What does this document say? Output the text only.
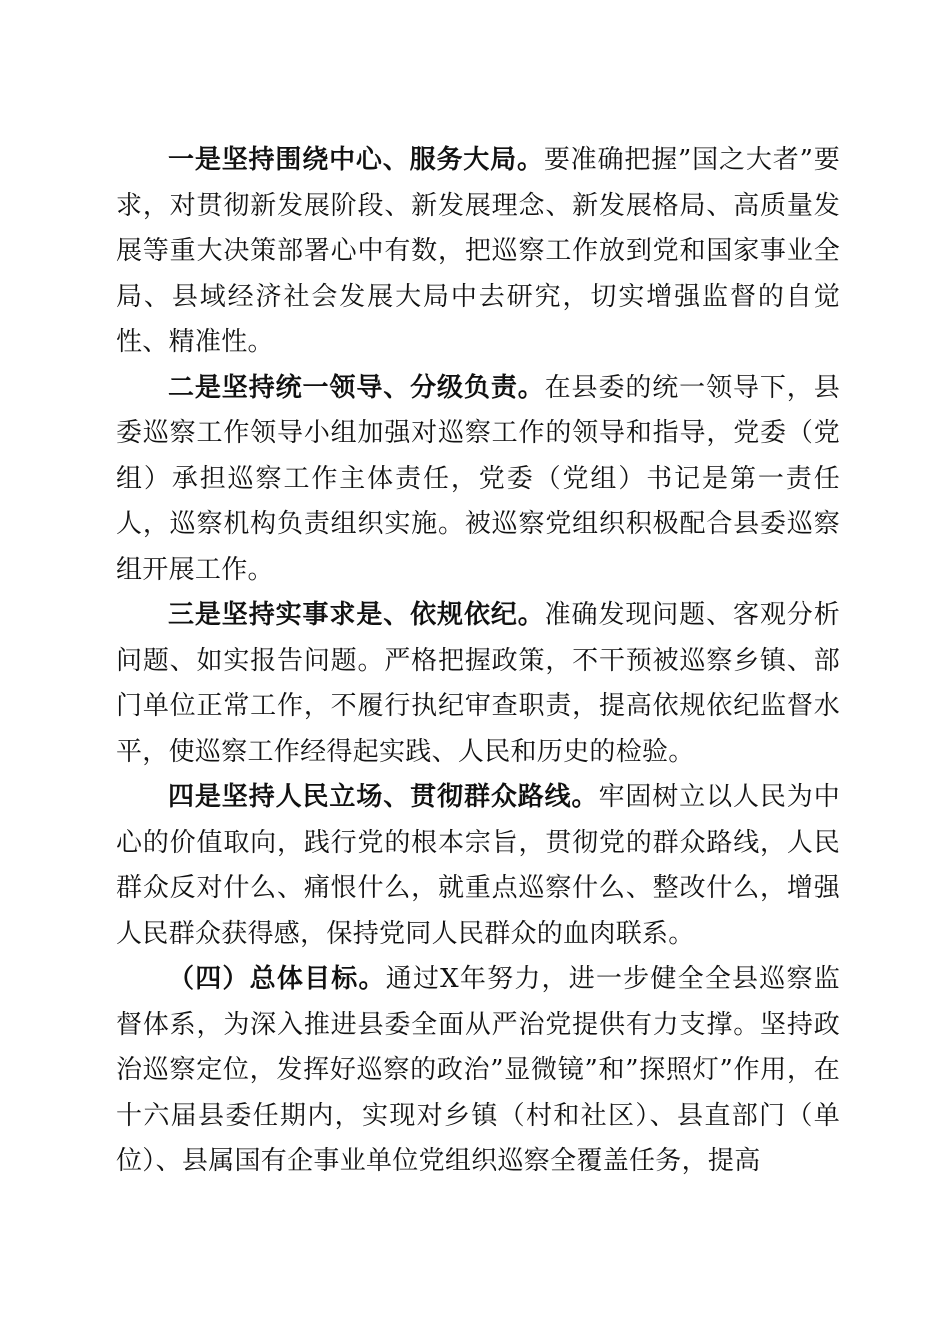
一是坚持围绕中心、服务大局。要准确把握”国之大者”要求，对贯彻新发展阶段、新发展理念、新发展格局、高质量发展等重大决策部署心中有数，把巡察工作放到党和国家事业全局、县域经济社会发展大局中去研究，切实增强监督的自觉性、精准性。

二是坚持统一领导、分级负责。在县委的统一领导下，县委巡察工作领导小组加强对巡察工作的领导和指导，党委（党组）承担巡察工作主体责任，党委（党组）书记是第一责任人，巡察机构负责组织实施。被巡察党组织积极配合县委巡察组开展工作。

三是坚持实事求是、依规依纪。准确发现问题、客观分析问题、如实报告问题。严格把握政策，不干预被巡察乡镇、部门单位正常工作，不履行执纪审查职责，提高依规依纪监督水平，使巡察工作经得起实践、人民和历史的检验。

四是坚持人民立场、贯彻群众路线。牢固树立以人民为中心的价值取向，践行党的根本宗旨，贯彻党的群众路线，人民群众反对什么、痛恨什么，就重点巡察什么、整改什么，增强人民群众获得感，保持党同人民群众的血肉联系。

（四）总体目标。通过X年努力，进一步健全全县巡察监督体系，为深入推进县委全面从严治党提供有力支撑。坚持政治巡察定位，发挥好巡察的政治”显微镜”和”探照灯”作用，在十六届县委任期内，实现对乡镇（村和社区）、县直部门（单位）、县属国有企事业单位党组织巡察全覆盖任务，提高
